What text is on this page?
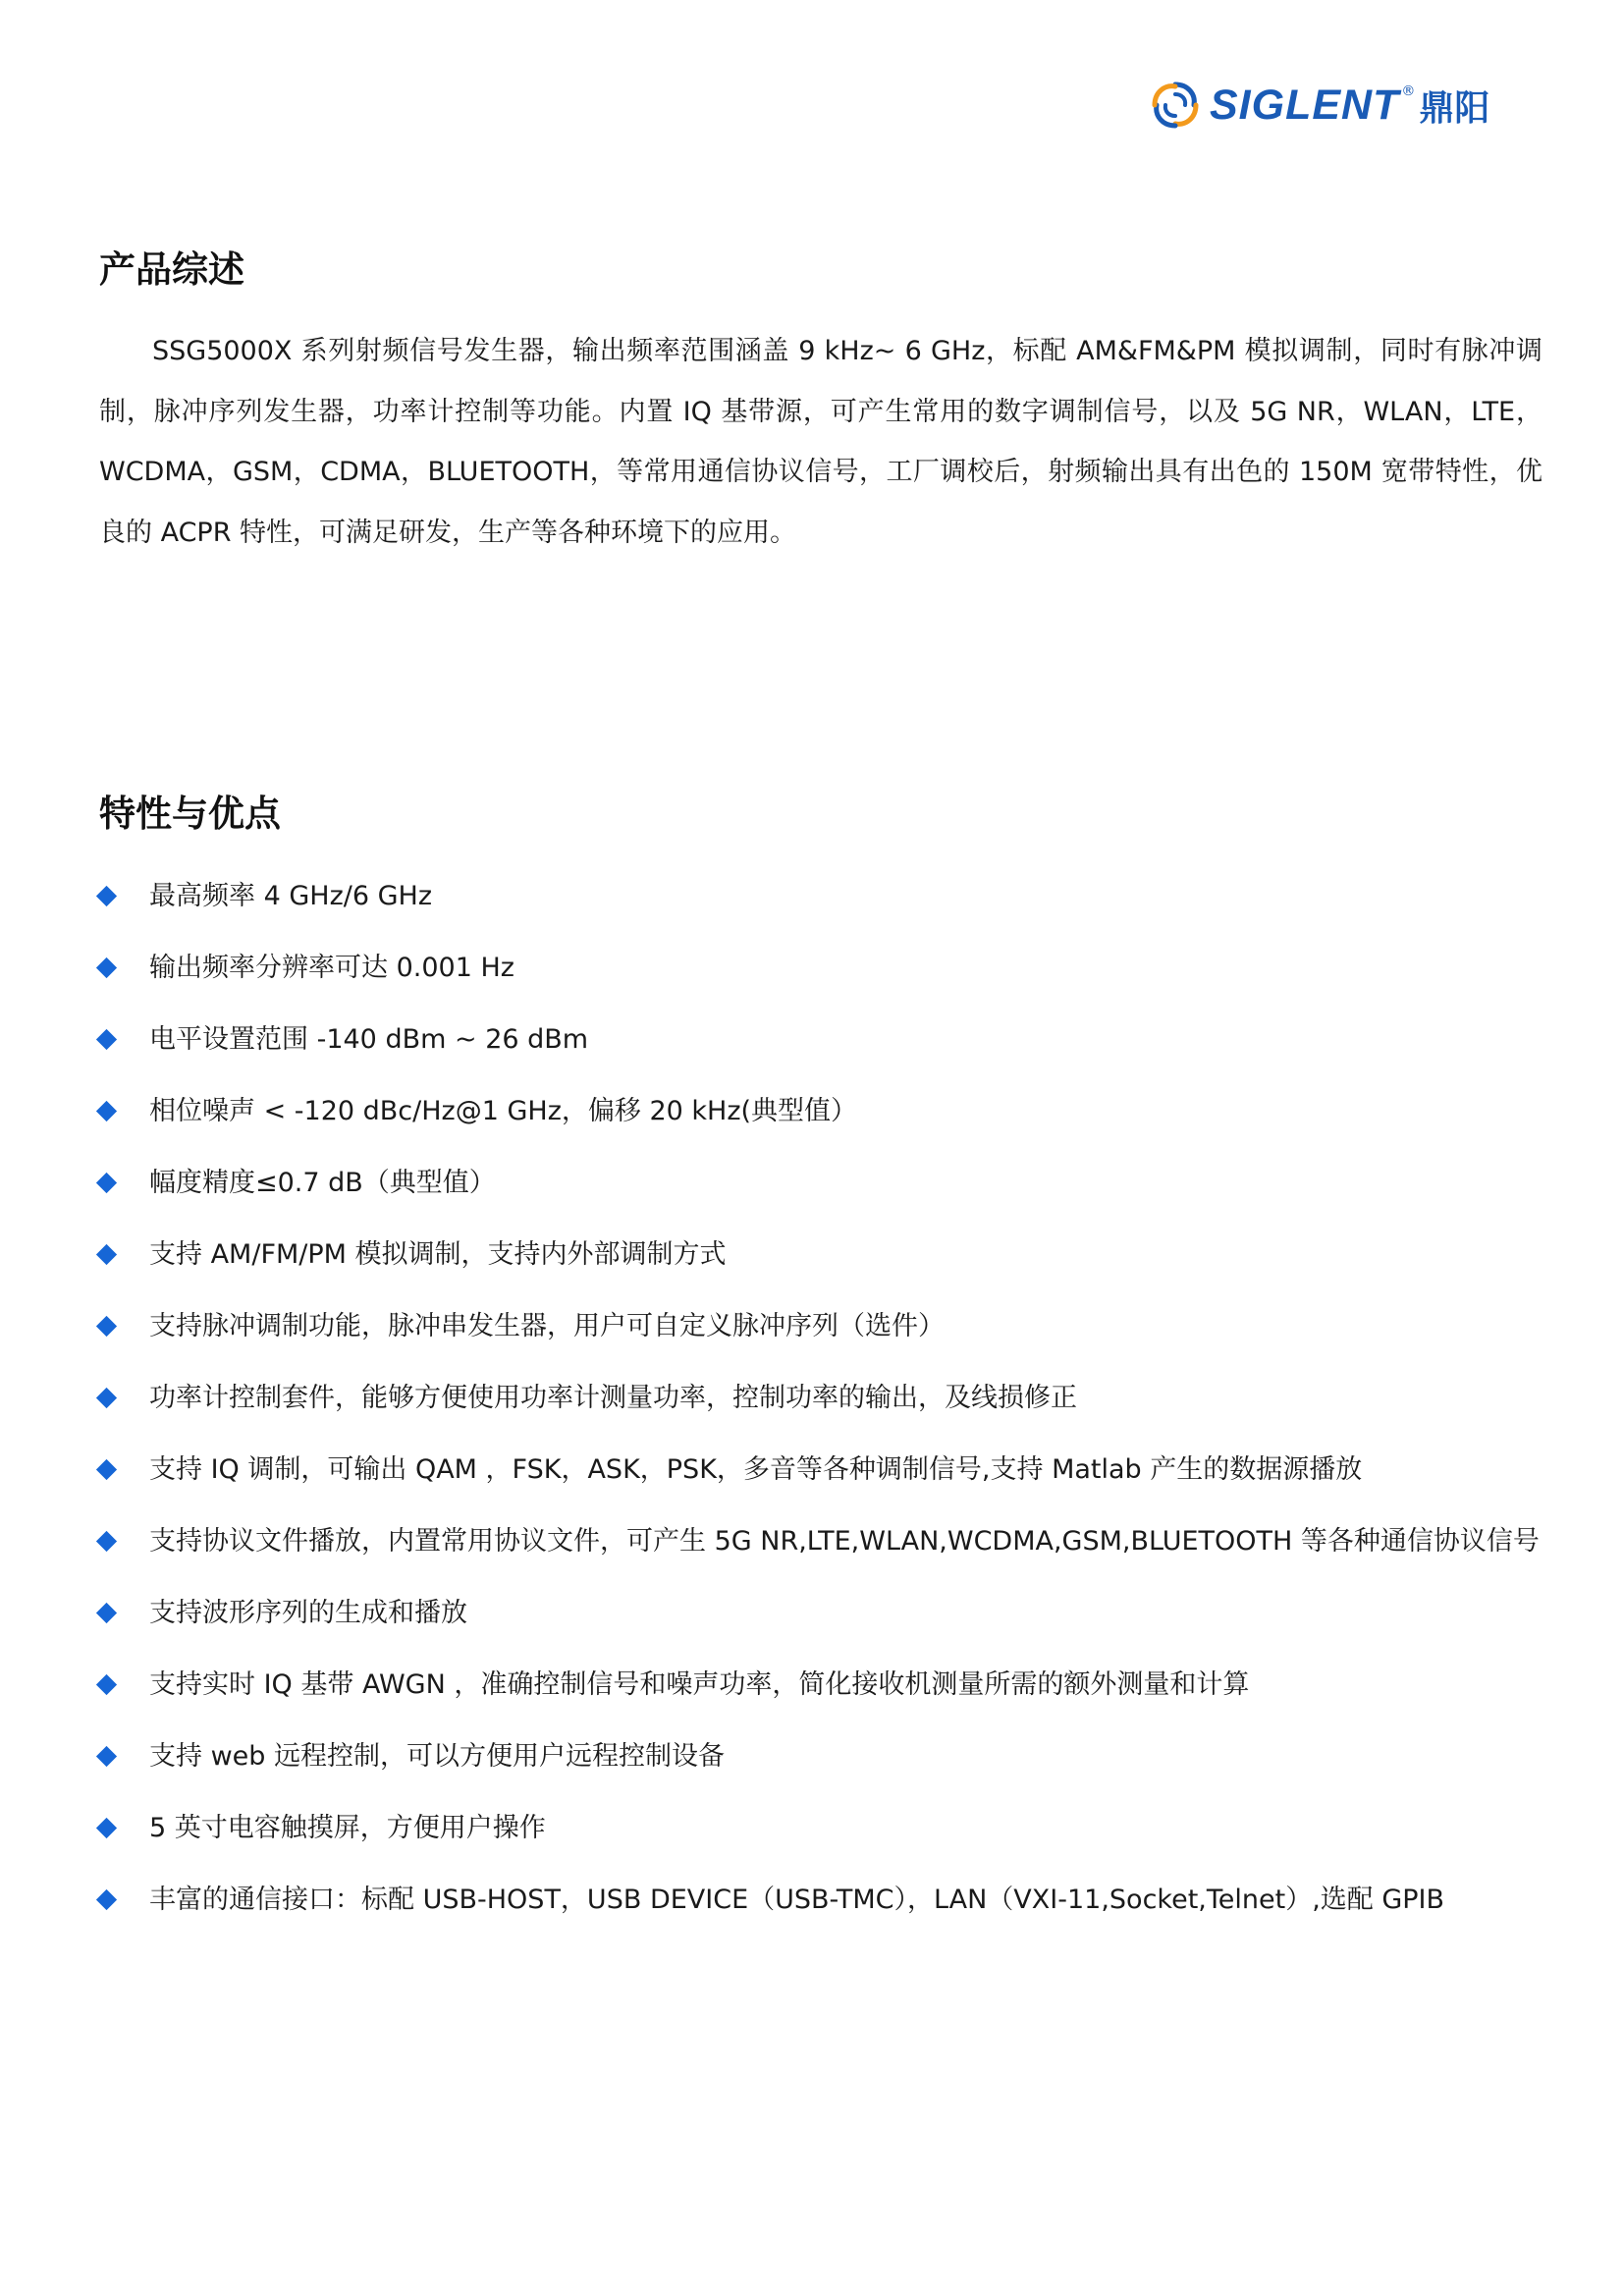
SIGLENT ® 鼎阳
产品综述

SSG5000X 系列射频信号发生器，输出频率范围涵盖 9 kHz~ 6 GHz，标配 AM&FM&PM 模拟调制，同时有脉冲调制，脉冲序列发生器，功率计控制等功能。内置 IQ 基带源，可产生常用的数字调制信号，以及 5G NR，WLAN，LTE，WCDMA，GSM，CDMA，BLUETOOTH，等常用通信协议信号，工厂调校后，射频输出具有出色的 150M 宽带特性，优良的 ACPR 特性，可满足研发，生产等各种环境下的应用。

特性与优点
最高频率 4 GHz/6 GHz
输出频率分辨率可达 0.001 Hz
电平设置范围 -140 dBm ~ 26 dBm
相位噪声 < -120 dBc/Hz@1 GHz，偏移 20 kHz(典型值）
幅度精度≤0.7 dB（典型值）
支持 AM/FM/PM 模拟调制，支持内外部调制方式
支持脉冲调制功能，脉冲串发生器，用户可自定义脉冲序列（选件）
功率计控制套件，能够方便使用功率计测量功率，控制功率的输出，及线损修正
支持 IQ 调制，可输出 QAM ，FSK，ASK，PSK，多音等各种调制信号,支持 Matlab 产生的数据源播放
支持协议文件播放，内置常用协议文件，可产生 5G NR,LTE,WLAN,WCDMA,GSM,BLUETOOTH 等各种通信协议信号
支持波形序列的生成和播放
支持实时 IQ 基带 AWGN ，准确控制信号和噪声功率，简化接收机测量所需的额外测量和计算
支持 web 远程控制，可以方便用户远程控制设备
5 英寸电容触摸屏，方便用户操作
丰富的通信接口：标配 USB-HOST，USB DEVICE（USB-TMC），LAN（VXI-11,Socket,Telnet）,选配 GPIB
